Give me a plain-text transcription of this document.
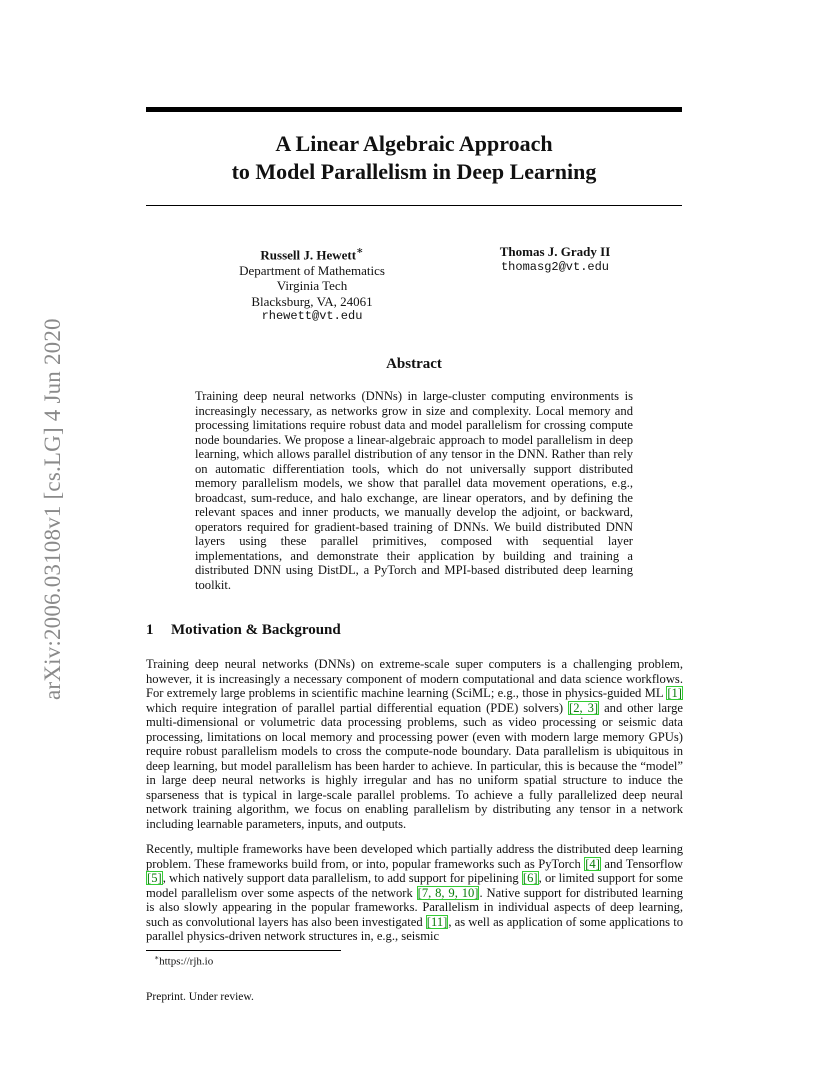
arXiv:2006.03108v1 [cs.LG] 4 Jun 2020
A Linear Algebraic Approach
to Model Parallelism in Deep Learning
Russell J. Hewett∗
Department of Mathematics
Virginia Tech
Blacksburg, VA, 24061
rhewett@vt.edu
Thomas J. Grady II
thomasg2@vt.edu
Abstract
Training deep neural networks (DNNs) in large-cluster computing environments is increasingly necessary, as networks grow in size and complexity. Local memory and processing limitations require robust data and model parallelism for crossing compute node boundaries. We propose a linear-algebraic approach to model parallelism in deep learning, which allows parallel distribution of any tensor in the DNN. Rather than rely on automatic differentiation tools, which do not universally support distributed memory parallelism models, we show that parallel data movement operations, e.g., broadcast, sum-reduce, and halo exchange, are linear operators, and by defining the relevant spaces and inner products, we manually develop the adjoint, or backward, operators required for gradient-based training of DNNs. We build distributed DNN layers using these parallel primitives, composed with sequential layer implementations, and demonstrate their application by building and training a distributed DNN using DistDL, a PyTorch and MPI-based distributed deep learning toolkit.
1 Motivation & Background
Training deep neural networks (DNNs) on extreme-scale super computers is a challenging problem, however, it is increasingly a necessary component of modern computational and data science workflows. For extremely large problems in scientific machine learning (SciML; e.g., those in physics-guided ML [1] which require integration of parallel partial differential equation (PDE) solvers) [2, 3] and other large multi-dimensional or volumetric data processing problems, such as video processing or seismic data processing, limitations on local memory and processing power (even with modern large memory GPUs) require robust parallelism models to cross the compute-node boundary. Data parallelism is ubiquitous in deep learning, but model parallelism has been harder to achieve. In particular, this is because the “model” in large deep neural networks is highly irregular and has no uniform spatial structure to induce the sparseness that is typical in large-scale parallel problems. To achieve a fully parallelized deep neural network training algorithm, we focus on enabling parallelism by distributing any tensor in a network including learnable parameters, inputs, and outputs.
Recently, multiple frameworks have been developed which partially address the distributed deep learning problem. These frameworks build from, or into, popular frameworks such as PyTorch [4] and Tensorflow [5], which natively support data parallelism, to add support for pipelining [6], or limited support for some model parallelism over some aspects of the network [7, 8, 9, 10]. Native support for distributed learning is also slowly appearing in the popular frameworks. Parallelism in individual aspects of deep learning, such as convolutional layers has also been investigated [11], as well as application of some applications to parallel physics-driven network structures in, e.g., seismic
∗https://rjh.io
Preprint. Under review.
